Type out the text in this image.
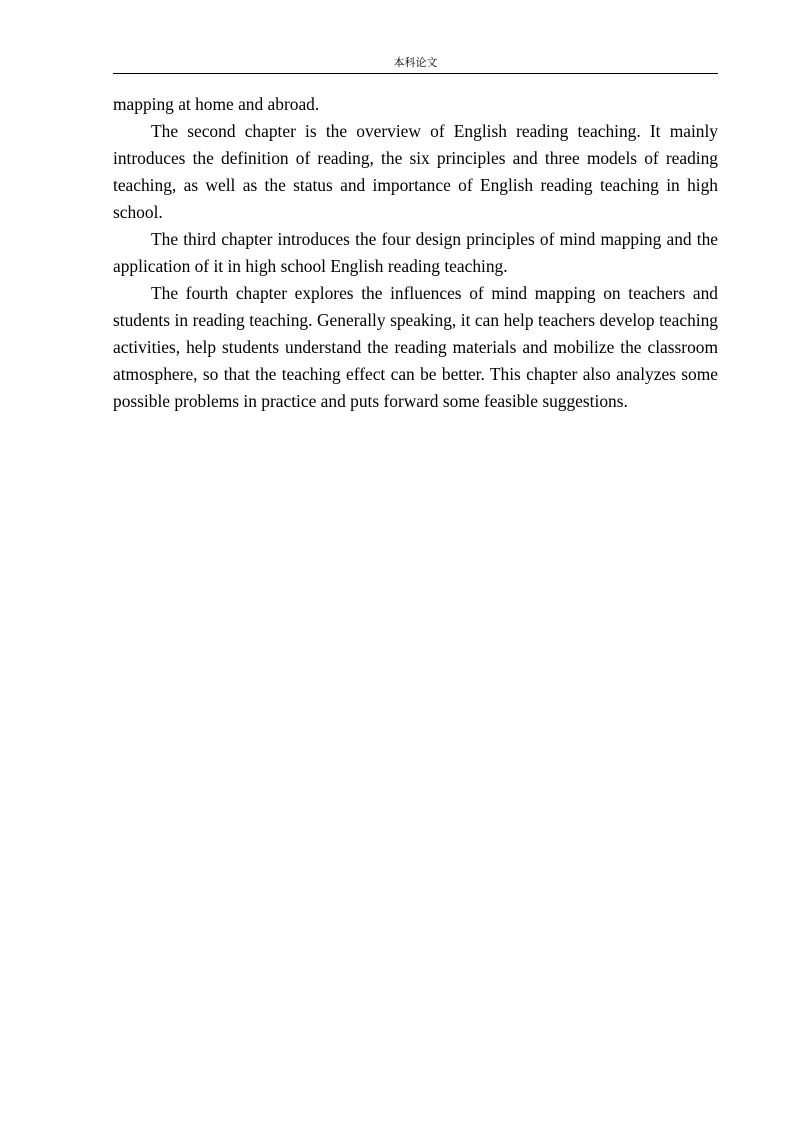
本科论文

mapping at home and abroad.

The second chapter is the overview of English reading teaching. It mainly introduces the definition of reading, the six principles and three models of reading teaching, as well as the status and importance of English reading teaching in high school.

The third chapter introduces the four design principles of mind mapping and the application of it in high school English reading teaching.

The fourth chapter explores the influences of mind mapping on teachers and students in reading teaching. Generally speaking, it can help teachers develop teaching activities, help students understand the reading materials and mobilize the classroom atmosphere, so that the teaching effect can be better. This chapter also analyzes some possible problems in practice and puts forward some feasible suggestions.
